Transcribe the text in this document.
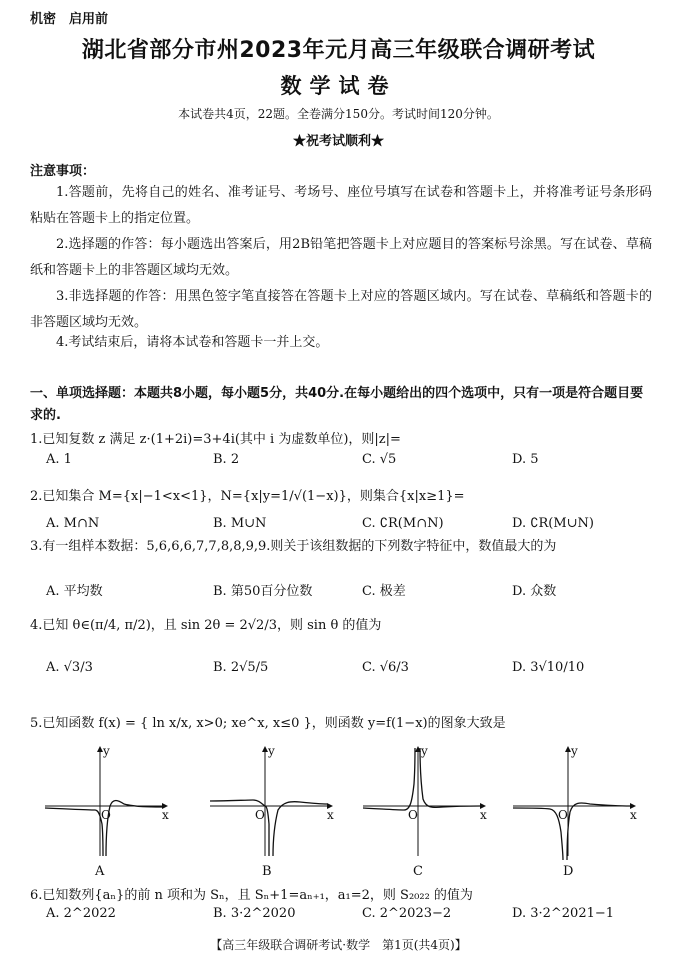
机密　启用前
湖北省部分市州2023年元月高三年级联合调研考试
数学试卷
本试卷共4页，22题。全卷满分150分。考试时间120分钟。
★祝考试顺利★
注意事项：
1.答题前，先将自己的姓名、准考证号、考场号、座位号填写在试卷和答题卡上，并将准考证号条形码粘贴在答题卡上的指定位置。
2.选择题的作答：每小题选出答案后，用2B铅笔把答题卡上对应题目的答案标号涂黑。写在试卷、草稿纸和答题卡上的非答题区域均无效。
3.非选择题的作答：用黑色签字笔直接答在答题卡上对应的答题区域内。写在试卷、草稿纸和答题卡的非答题区域均无效。
4.考试结束后，请将本试卷和答题卡一并上交。
一、单项选择题：本题共8小题，每小题5分，共40分.在每小题给出的四个选项中，只有一项是符合题目要求的.
1.已知复数 z 满足 z·(1+2i)=3+4i(其中 i 为虚数单位)，则|z|=
A. 1	B. 2	C. √5	D. 5
2.已知集合 M={x|−1<x<1}，N={x|y=1/√(1−x)}，则集合{x|x≥1}=
A. M∩N	B. M∪N	C. ∁R(M∩N)	D. ∁R(M∪N)
3.有一组样本数据：5,6,6,6,7,7,8,8,9,9.则关于该组数据的下列数字特征中，数值最大的为
A. 平均数	B. 第50百分位数	C. 极差	D. 众数
4.已知 θ∈(π/4, π/2)，且 sin 2θ = 2√2/3，则 sin θ 的值为
A. √3/3	B. 2√5/5	C. √6/3	D. 3√10/10
5.已知函数 f(x) = { ln x/x, x>0; xe^x, x≤0 }，则函数 y=f(1−x)的图象大致是
y
x
O
A
y
x
O
B
y
x
O
C
y
x
O
D
6.已知数列{aₙ}的前 n 项和为 Sₙ，且 Sₙ+1=aₙ₊₁，a₁=2，则 S₂₀₂₂ 的值为
A. 2^2022	B. 3·2^2020	C. 2^2023−2	D. 3·2^2021−1
【高三年级联合调研考试·数学　第1页(共4页)】
